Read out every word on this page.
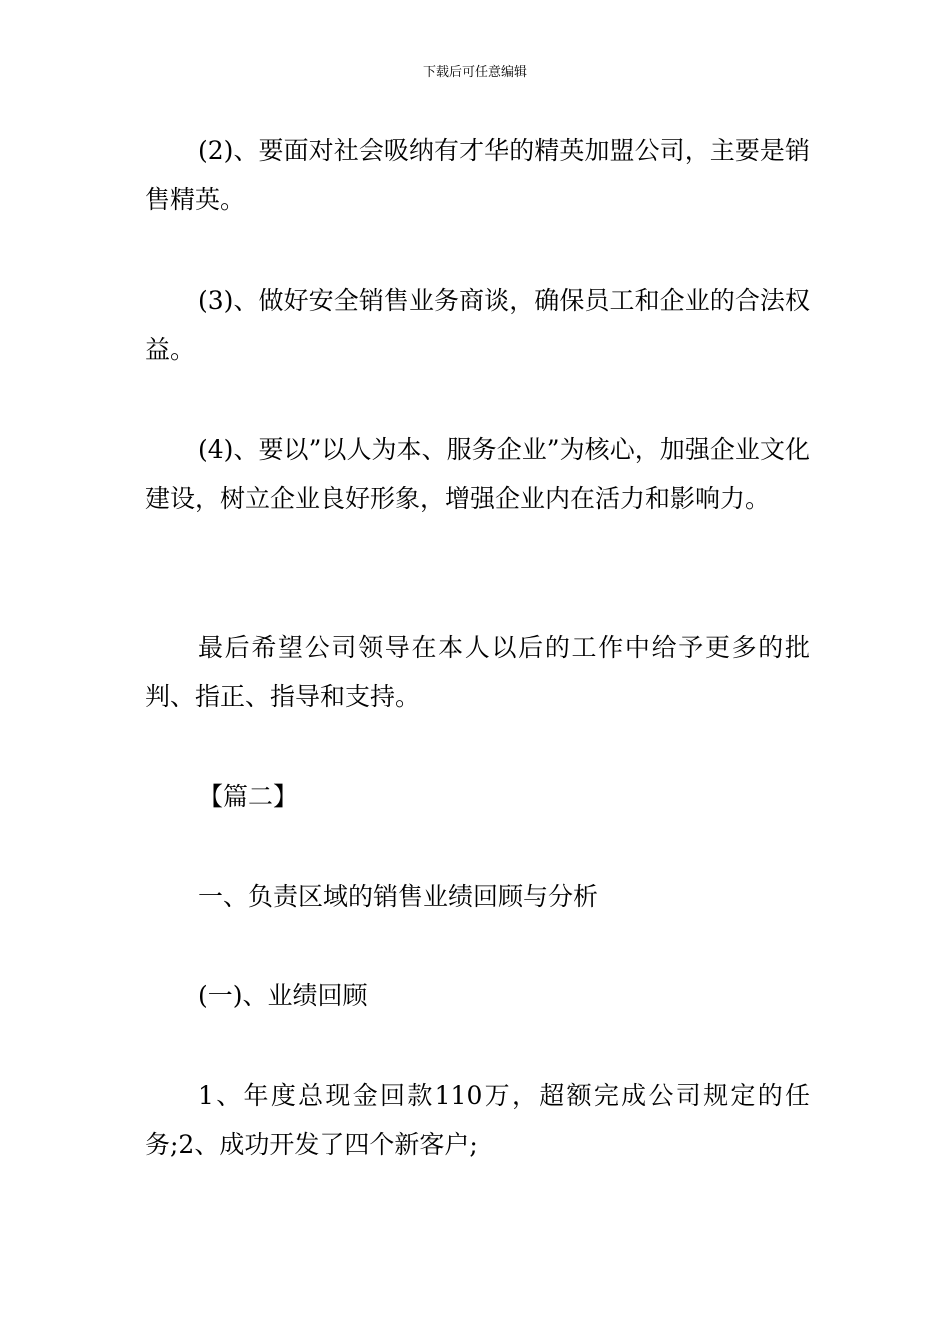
下载后可任意编辑

(2)、要面对社会吸纳有才华的精英加盟公司，主要是销售精英。

(3)、做好安全销售业务商谈，确保员工和企业的合法权益。

(4)、要以”以人为本、服务企业”为核心，加强企业文化建设，树立企业良好形象，增强企业内在活力和影响力。

最后希望公司领导在本人以后的工作中给予更多的批判、指正、指导和支持。

【篇二】

一、负责区域的销售业绩回顾与分析

(一)、业绩回顾

1、年度总现金回款110万，超额完成公司规定的任务;2、成功开发了四个新客户;
